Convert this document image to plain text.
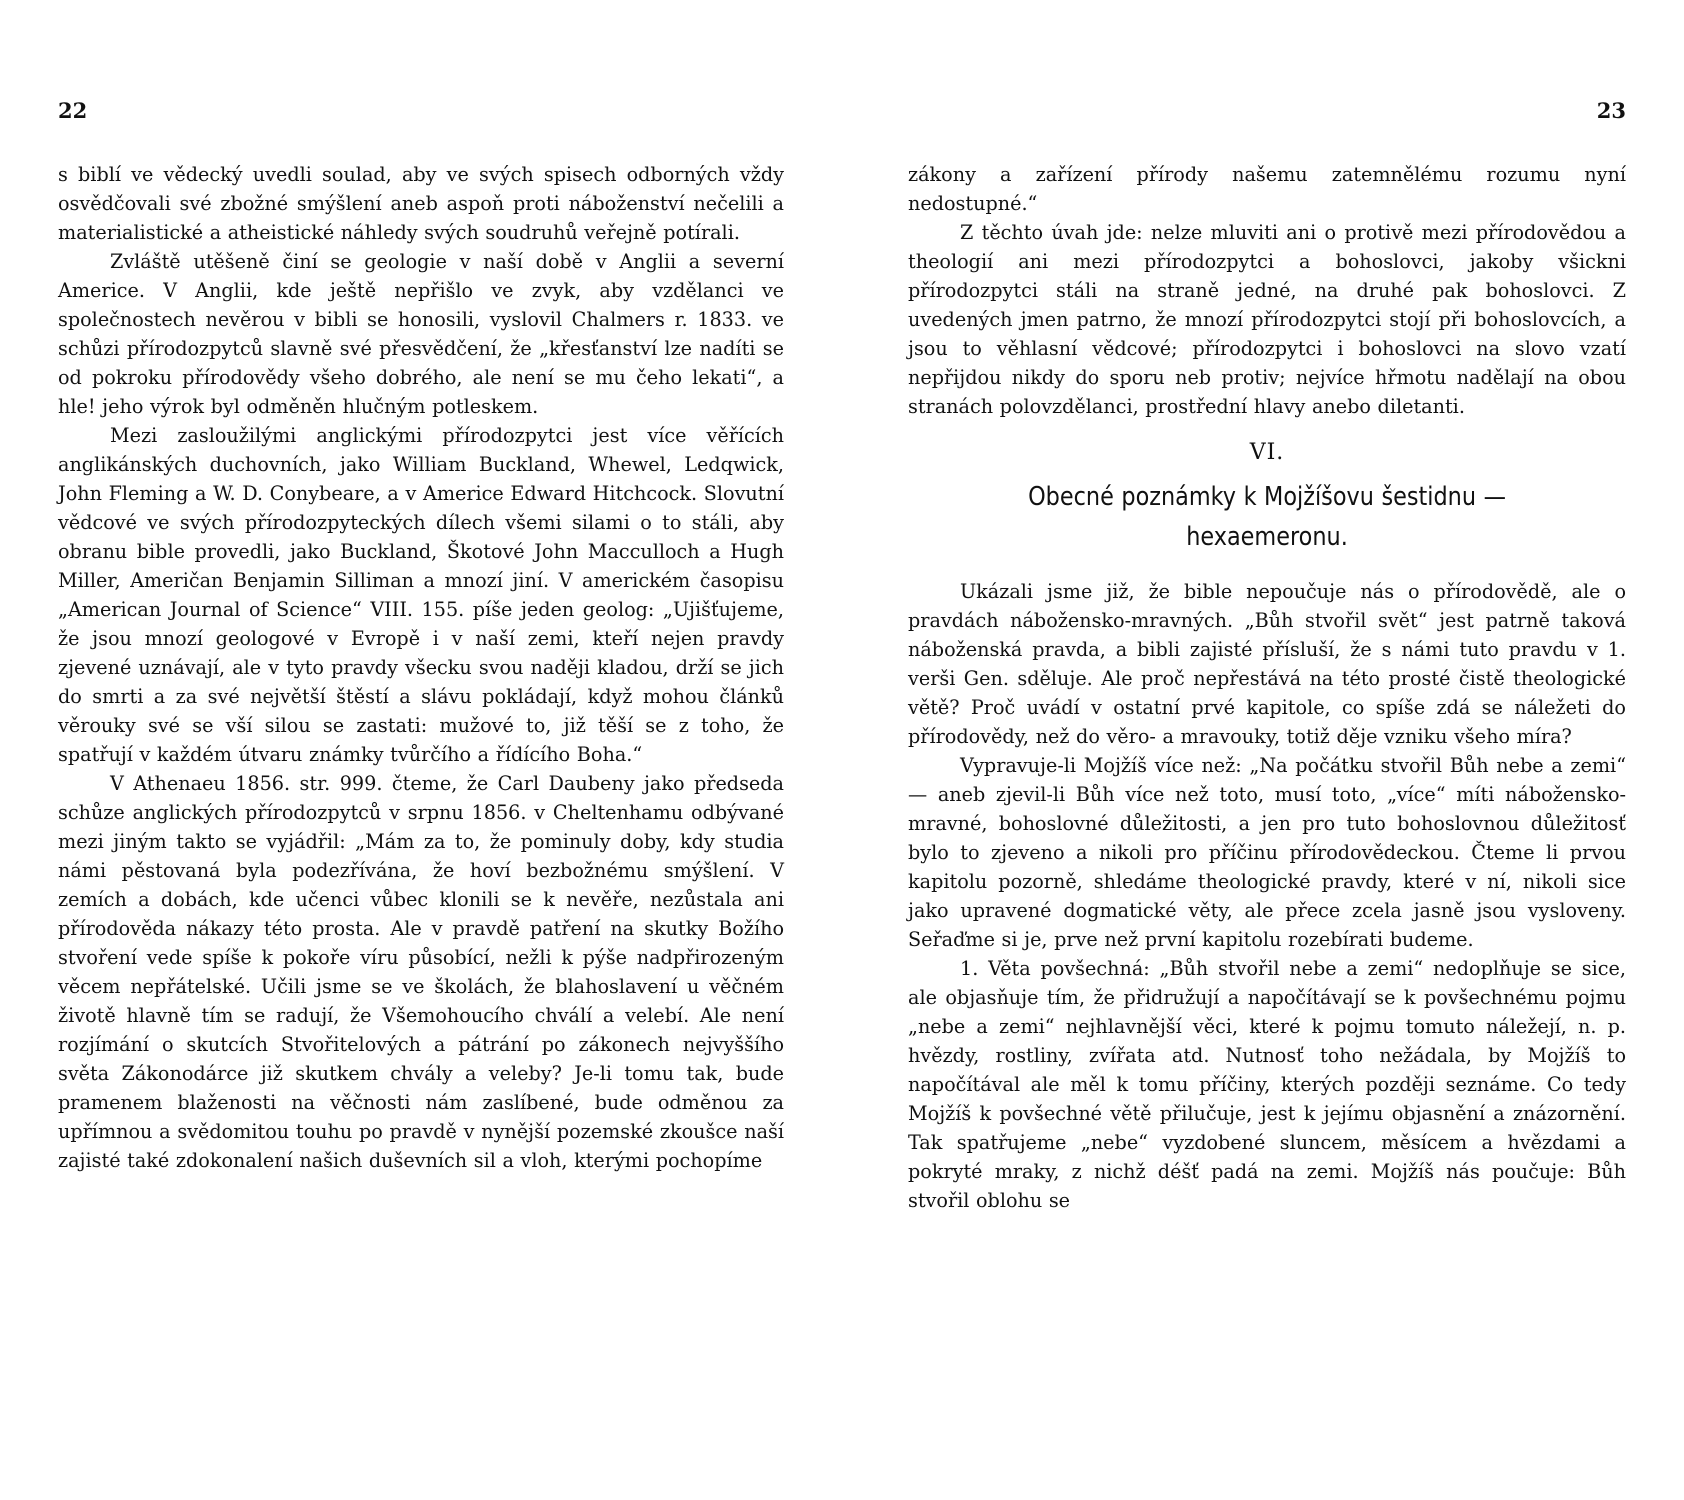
22

s biblí ve vědecký uvedli soulad, aby ve svých spisech odborných vždy osvědčovali své zbožné smýšlení aneb aspoň proti náboženství nečelili a materialistické a atheistické náhledy svých soudruhů veřejně potírali.

Zvláště utěšeně činí se geologie v naší době v Anglii a severní Americe. V Anglii, kde ještě nepřišlo ve zvyk, aby vzdělanci ve společnostech nevěrou v bibli se honosili, vyslovil Chalmers r. 1833. ve schůzi přírodozpytců slavně své přesvědčení, že „křesťanství lze nadíti se od pokroku přírodovědy všeho dobrého, ale není se mu čeho lekati“, a hle! jeho výrok byl odměněn hlučným potleskem.

Mezi zasloužilými anglickými přírodozpytci jest více věřících anglikánských duchovních, jako William Buckland, Whewel, Ledqwick, John Fleming a W. D. Conybeare, a v Americe Edward Hitchcock. Slovutní vědcové ve svých přírodozpyteckých dílech všemi silami o to stáli, aby obranu bible provedli, jako Buckland, Škotové John Macculloch a Hugh Miller, Američan Benjamin Silliman a mnozí jiní. V americkém časopisu „American Journal of Science“ VIII. 155. píše jeden geolog: „Ujišťujeme, že jsou mnozí geologové v Evropě i v naší zemi, kteří nejen pravdy zjevené uznávají, ale v tyto pravdy všecku svou naději kladou, drží se jich do smrti a za své největší štěstí a slávu pokládají, když mohou článků věrouky své se vší silou se zastati: mužové to, již těší se z toho, že spatřují v každém útvaru známky tvůrčího a řídícího Boha.“

V Athenaeu 1856. str. 999. čteme, že Carl Daubeny jako předseda schůze anglických přírodozpytců v srpnu 1856. v Cheltenhamu odbývané mezi jiným takto se vyjádřil: „Mám za to, že pominuly doby, kdy studia námi pěstovaná byla podezřívána, že hoví bezbožnému smýšlení. V zemích a dobách, kde učenci vůbec klonili se k nevěře, nezůstala ani přírodověda nákazy této prosta. Ale v pravdě patření na skutky Božího stvoření vede spíše k pokoře víru působící, nežli k pýše nadpřirozeným věcem nepřátelské. Učili jsme se ve školách, že blahoslavení u věčném životě hlavně tím se radují, že Všemohoucího chválí a velebí. Ale není rozjímání o skutcích Stvořitelových a pátrání po zákonech nejvyššího světa Zákonodárce již skutkem chvály a veleby? Je-li tomu tak, bude pramenem blaženosti na věčnosti nám zaslíbené, bude odměnou za upřímnou a svědomitou touhu po pravdě v nynější pozemské zkoušce naší zajisté také zdokonalení našich duševních sil a vloh, kterými pochopíme

23

zákony a zařízení přírody našemu zatemnělému rozumu nyní nedostupné.“

Z těchto úvah jde: nelze mluviti ani o protivě mezi přírodovědou a theologií ani mezi přírodozpytci a bohoslovci, jakoby všickni přírodozpytci stáli na straně jedné, na druhé pak bohoslovci. Z uvedených jmen patrno, že mnozí přírodozpytci stojí při bohoslovcích, a jsou to věhlasní vědcové; přírodozpytci i bohoslovci na slovo vzatí nepřijdou nikdy do sporu neb protiv; nejvíce hřmotu nadělají na obou stranách polovzdělanci, prostřední hlavy anebo diletanti.

VI.
Obecné poznámky k Mojžíšovu šestidnu — hexaemeronu.

Ukázali jsme již, že bible nepoučuje nás o přírodovědě, ale o pravdách nábožensko-mravných. „Bůh stvořil svět“ jest patrně taková náboženská pravda, a bibli zajisté přísluší, že s námi tuto pravdu v 1. verši Gen. sděluje. Ale proč nepřestává na této prosté čistě theologické větě? Proč uvádí v ostatní prvé kapitole, co spíše zdá se náležeti do přírodovědy, než do věro- a mravouky, totiž děje vzniku všeho míra?

Vypravuje-li Mojžíš více než: „Na počátku stvořil Bůh nebe a zemi“ — aneb zjevil-li Bůh více než toto, musí toto, „více“ míti nábožensko-mravné, bohoslovné důležitosti, a jen pro tuto bohoslovnou důležitosť bylo to zjeveno a nikoli pro příčinu přírodovědeckou. Čteme li prvou kapitolu pozorně, shledáme theologické pravdy, které v ní, nikoli sice jako upravené dogmatické věty, ale přece zcela jasně jsou vysloveny. Seřaďme si je, prve než první kapitolu rozebírati budeme.

1. Věta povšechná: „Bůh stvořil nebe a zemi“ nedoplňuje se sice, ale objasňuje tím, že přidružují a napočítávají se k povšechnému pojmu „nebe a zemi“ nejhlavnější věci, které k pojmu tomuto náležejí, n. p. hvězdy, rostliny, zvířata atd. Nutnosť toho nežádala, by Mojžíš to napočítával ale měl k tomu příčiny, kterých později seznáme. Co tedy Mojžíš k povšechné větě přilučuje, jest k jejímu objasnění a znázornění. Tak spatřujeme „nebe“ vyzdobené sluncem, měsícem a hvězdami a pokryté mraky, z nichž déšť padá na zemi. Mojžíš nás poučuje: Bůh stvořil oblohu se
